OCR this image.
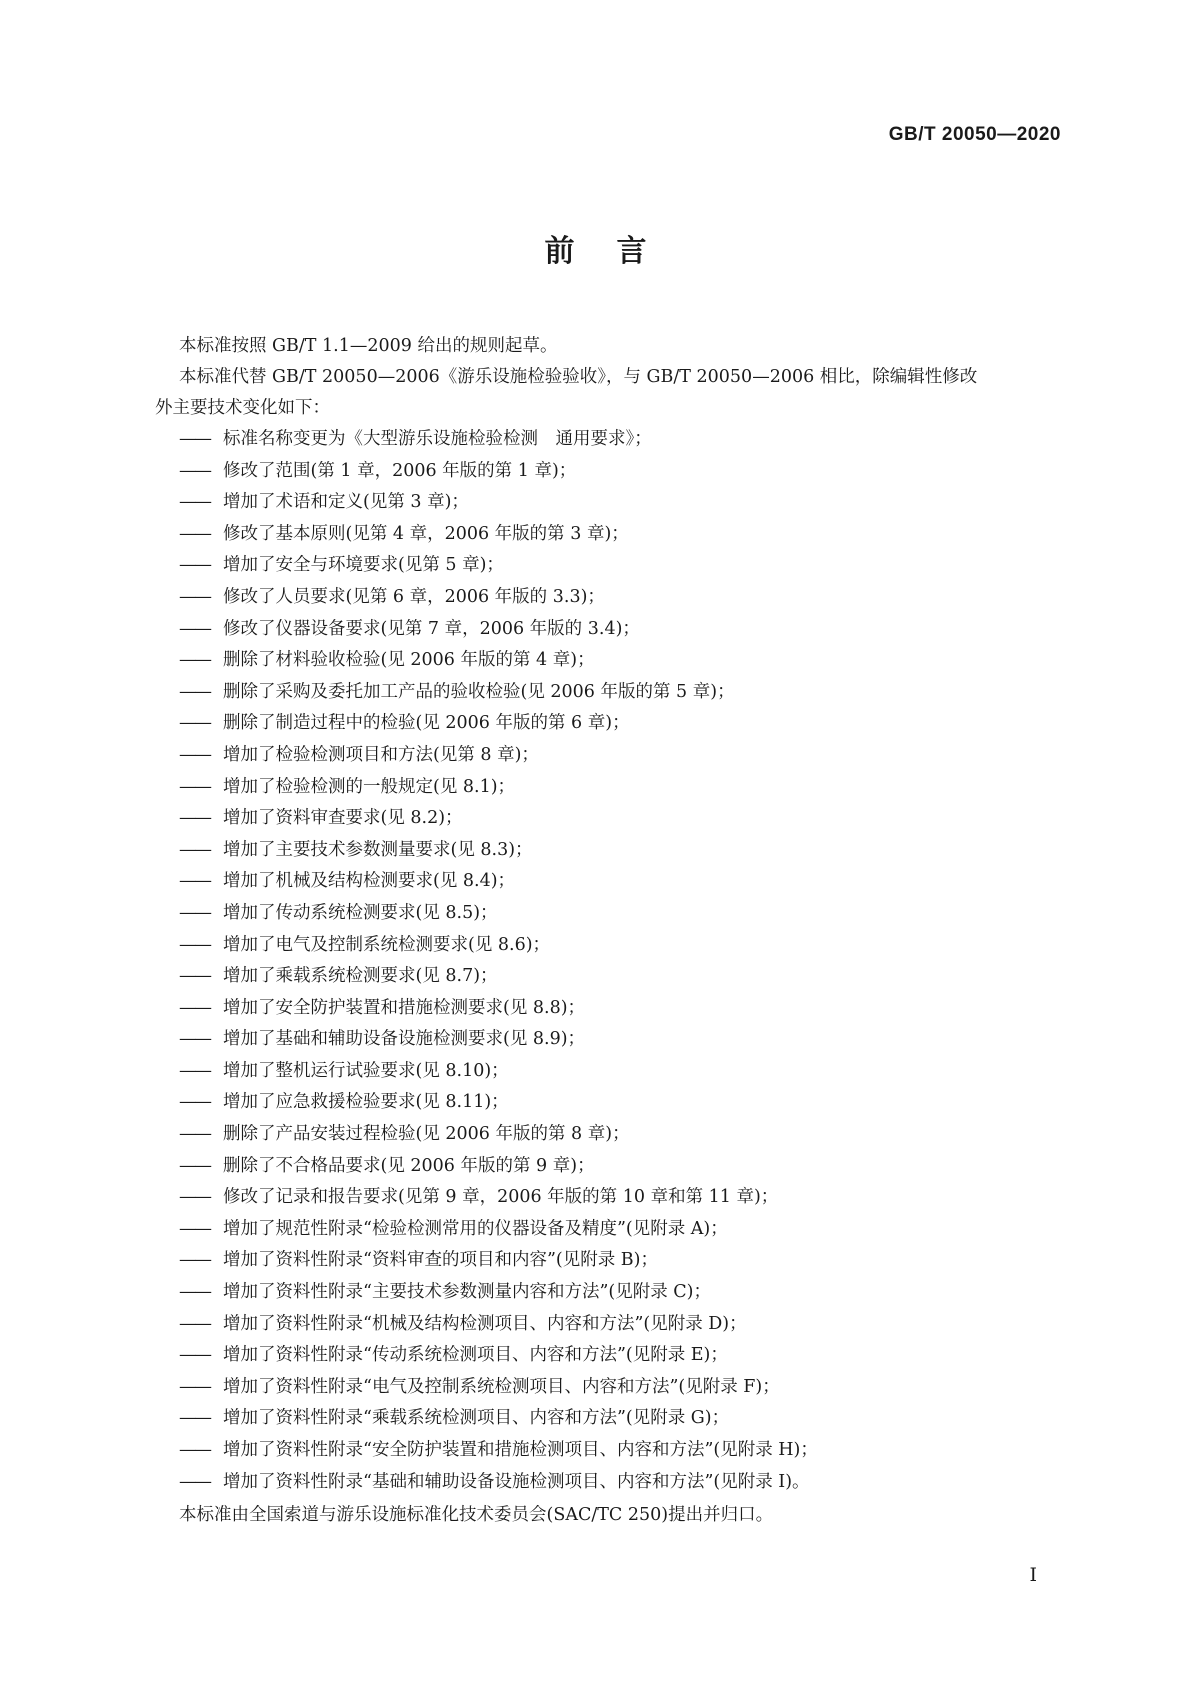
GB/T 20050—2020
前言
本标准按照 GB/T 1.1—2009 给出的规则起草。
本标准代替 GB/T 20050—2006《游乐设施检验验收》，与 GB/T 20050—2006 相比，除编辑性修改
外主要技术变化如下：
—— 标准名称变更为《大型游乐设施检验检测　通用要求》；
—— 修改了范围(第 1 章，2006 年版的第 1 章)；
—— 增加了术语和定义(见第 3 章)；
—— 修改了基本原则(见第 4 章，2006 年版的第 3 章)；
—— 增加了安全与环境要求(见第 5 章)；
—— 修改了人员要求(见第 6 章，2006 年版的 3.3)；
—— 修改了仪器设备要求(见第 7 章，2006 年版的 3.4)；
—— 删除了材料验收检验(见 2006 年版的第 4 章)；
—— 删除了采购及委托加工产品的验收检验(见 2006 年版的第 5 章)；
—— 删除了制造过程中的检验(见 2006 年版的第 6 章)；
—— 增加了检验检测项目和方法(见第 8 章)；
—— 增加了检验检测的一般规定(见 8.1)；
—— 增加了资料审查要求(见 8.2)；
—— 增加了主要技术参数测量要求(见 8.3)；
—— 增加了机械及结构检测要求(见 8.4)；
—— 增加了传动系统检测要求(见 8.5)；
—— 增加了电气及控制系统检测要求(见 8.6)；
—— 增加了乘载系统检测要求(见 8.7)；
—— 增加了安全防护装置和措施检测要求(见 8.8)；
—— 增加了基础和辅助设备设施检测要求(见 8.9)；
—— 增加了整机运行试验要求(见 8.10)；
—— 增加了应急救援检验要求(见 8.11)；
—— 删除了产品安装过程检验(见 2006 年版的第 8 章)；
—— 删除了不合格品要求(见 2006 年版的第 9 章)；
—— 修改了记录和报告要求(见第 9 章，2006 年版的第 10 章和第 11 章)；
—— 增加了规范性附录“检验检测常用的仪器设备及精度”(见附录 A)；
—— 增加了资料性附录“资料审查的项目和内容”(见附录 B)；
—— 增加了资料性附录“主要技术参数测量内容和方法”(见附录 C)；
—— 增加了资料性附录“机械及结构检测项目、内容和方法”(见附录 D)；
—— 增加了资料性附录“传动系统检测项目、内容和方法”(见附录 E)；
—— 增加了资料性附录“电气及控制系统检测项目、内容和方法”(见附录 F)；
—— 增加了资料性附录“乘载系统检测项目、内容和方法”(见附录 G)；
—— 增加了资料性附录“安全防护装置和措施检测项目、内容和方法”(见附录 H)；
—— 增加了资料性附录“基础和辅助设备设施检测项目、内容和方法”(见附录 I)。
本标准由全国索道与游乐设施标准化技术委员会(SAC/TC 250)提出并归口。
I
